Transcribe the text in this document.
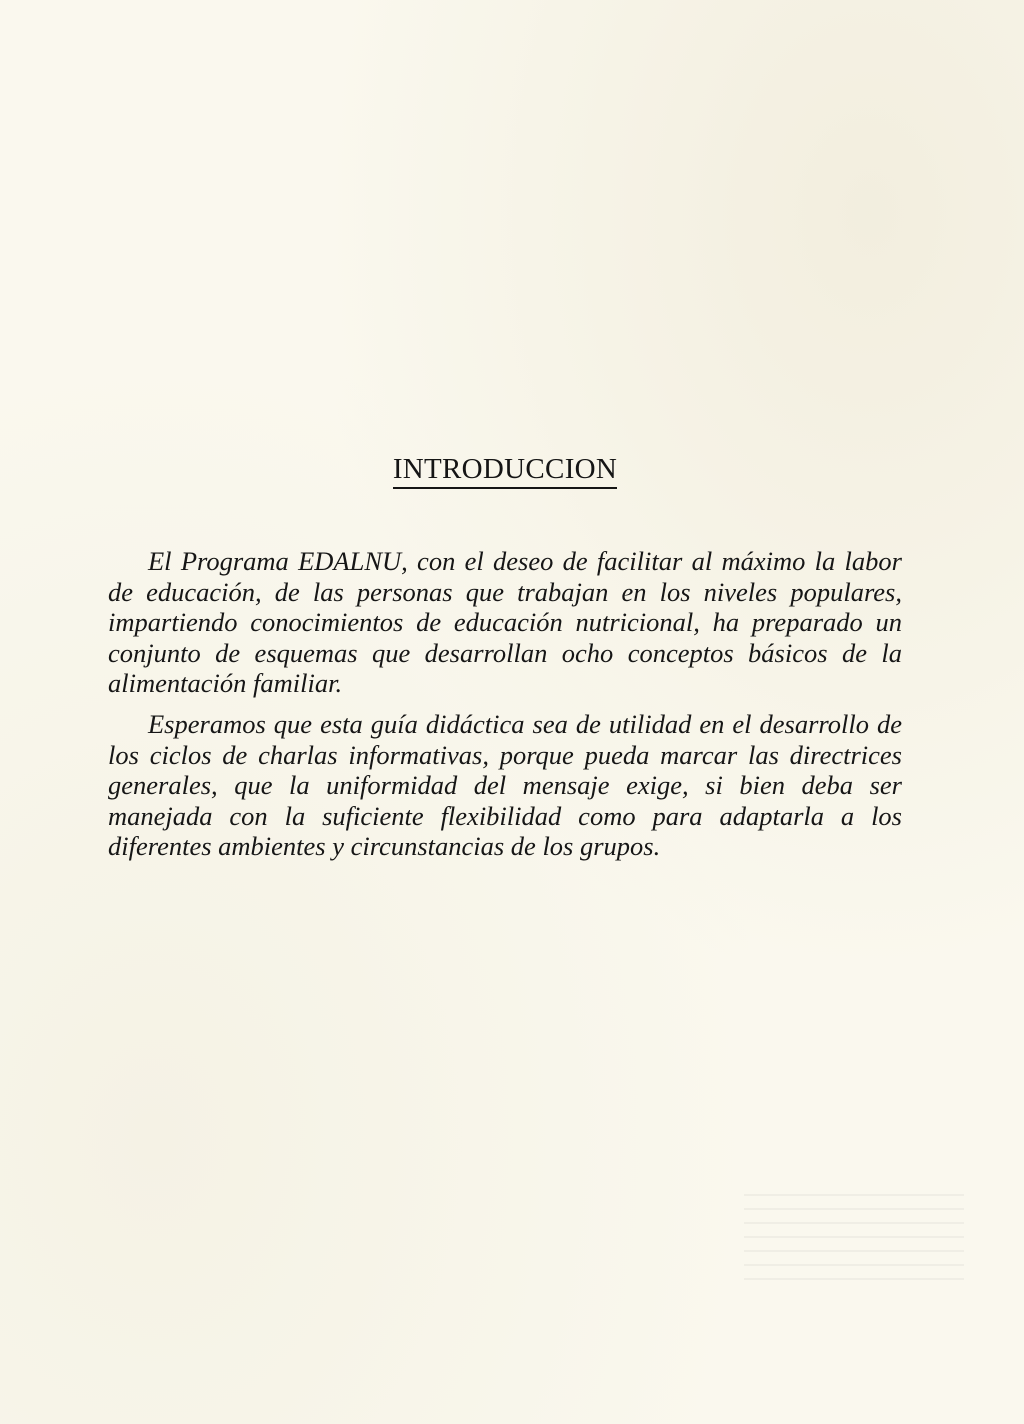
INTRODUCCION

El Programa EDALNU, con el deseo de facilitar al máximo la labor de educación, de las personas que trabajan en los niveles populares, impartiendo conocimientos de educación nutricional, ha preparado un conjunto de esquemas que desarrollan ocho conceptos básicos de la alimentación familiar.

Esperamos que esta guía didáctica sea de utilidad en el desarrollo de los ciclos de charlas informativas, porque pueda marcar las directrices generales, que la uniformidad del mensaje exige, si bien deba ser manejada con la suficiente flexibilidad como para adaptarla a los diferentes ambientes y circunstancias de los grupos.
